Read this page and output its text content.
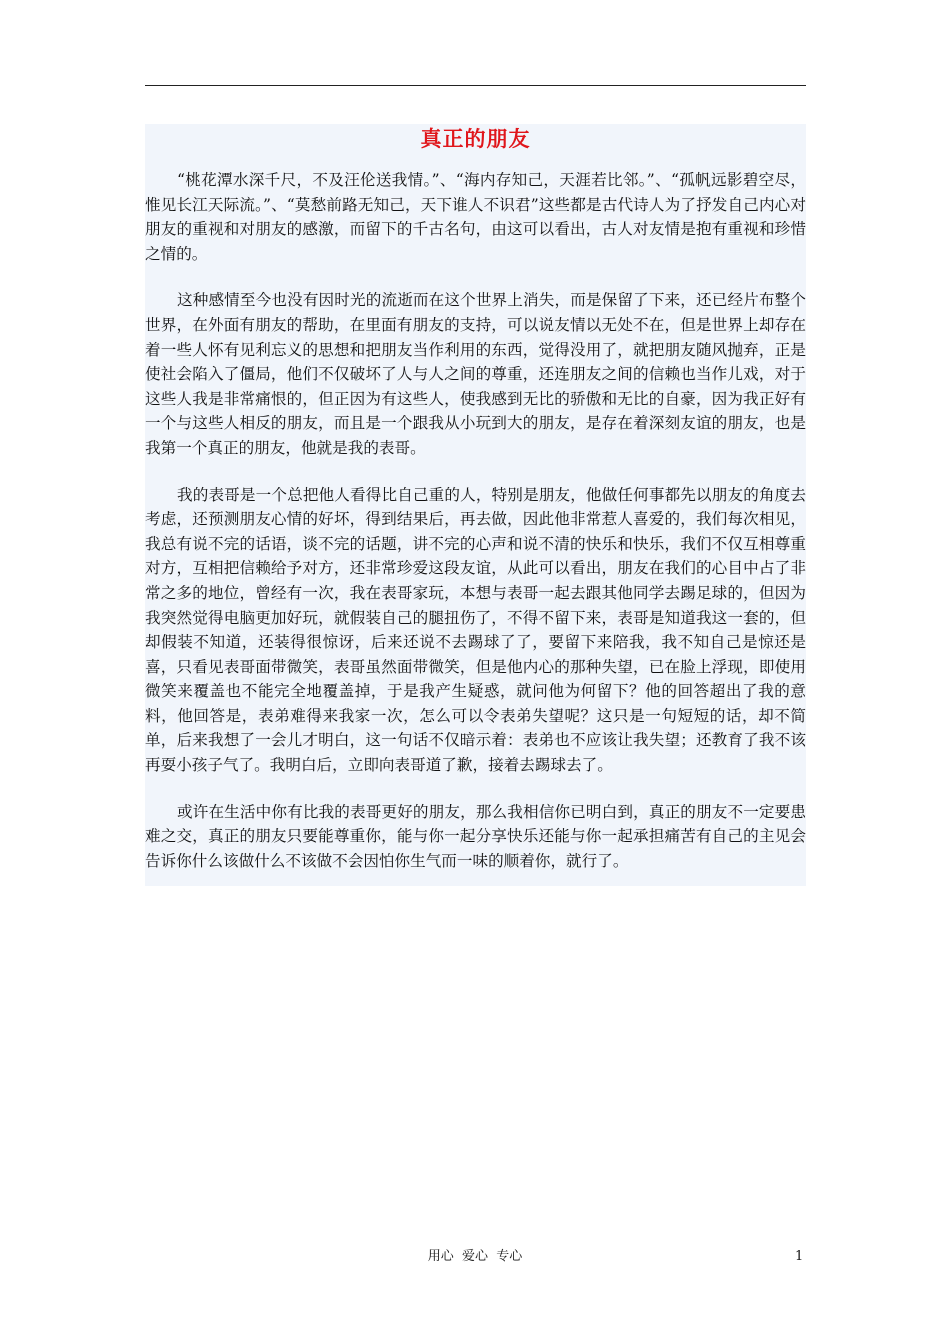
真正的朋友

“桃花潭水深千尺，不及汪伦送我情。”、“海内存知己，天涯若比邻。”、“孤帆远影碧空尽，惟见长江天际流。”、“莫愁前路无知己，天下谁人不识君”这些都是古代诗人为了抒发自己内心对朋友的重视和对朋友的感激，而留下的千古名句，由这可以看出，古人对友情是抱有重视和珍惜之情的。

这种感情至今也没有因时光的流逝而在这个世界上消失，而是保留了下来，还已经片布整个世界，在外面有朋友的帮助，在里面有朋友的支持，可以说友情以无处不在，但是世界上却存在着一些人怀有见利忘义的思想和把朋友当作利用的东西，觉得没用了，就把朋友随风抛弃，正是使社会陷入了僵局，他们不仅破坏了人与人之间的尊重，还连朋友之间的信赖也当作儿戏，对于这些人我是非常痛恨的，但正因为有这些人，使我感到无比的骄傲和无比的自豪，因为我正好有一个与这些人相反的朋友，而且是一个跟我从小玩到大的朋友，是存在着深刻友谊的朋友，也是我第一个真正的朋友，他就是我的表哥。

我的表哥是一个总把他人看得比自己重的人，特别是朋友，他做任何事都先以朋友的角度去考虑，还预测朋友心情的好坏，得到结果后，再去做，因此他非常惹人喜爱的，我们每次相见，我总有说不完的话语，谈不完的话题，讲不完的心声和说不清的快乐和快乐，我们不仅互相尊重对方，互相把信赖给予对方，还非常珍爱这段友谊，从此可以看出，朋友在我们的心目中占了非常之多的地位，曾经有一次，我在表哥家玩，本想与表哥一起去跟其他同学去踢足球的，但因为我突然觉得电脑更加好玩，就假装自己的腿扭伤了，不得不留下来，表哥是知道我这一套的，但却假装不知道，还装得很惊讶，后来还说不去踢球了了，要留下来陪我，我不知自己是惊还是喜，只看见表哥面带微笑，表哥虽然面带微笑，但是他内心的那种失望，已在脸上浮现，即使用微笑来覆盖也不能完全地覆盖掉，于是我产生疑惑，就问他为何留下？他的回答超出了我的意料，他回答是，表弟难得来我家一次，怎么可以令表弟失望呢？这只是一句短短的话，却不简单，后来我想了一会儿才明白，这一句话不仅暗示着：表弟也不应该让我失望；还教育了我不该再耍小孩子气了。我明白后，立即向表哥道了歉，接着去踢球去了。

或许在生活中你有比我的表哥更好的朋友，那么我相信你已明白到，真正的朋友不一定要患难之交，真正的朋友只要能尊重你，能与你一起分享快乐还能与你一起承担痛苦有自己的主见会告诉你什么该做什么不该做不会因怕你生气而一味的顺着你，就行了。

用心  爱心  专心	1
